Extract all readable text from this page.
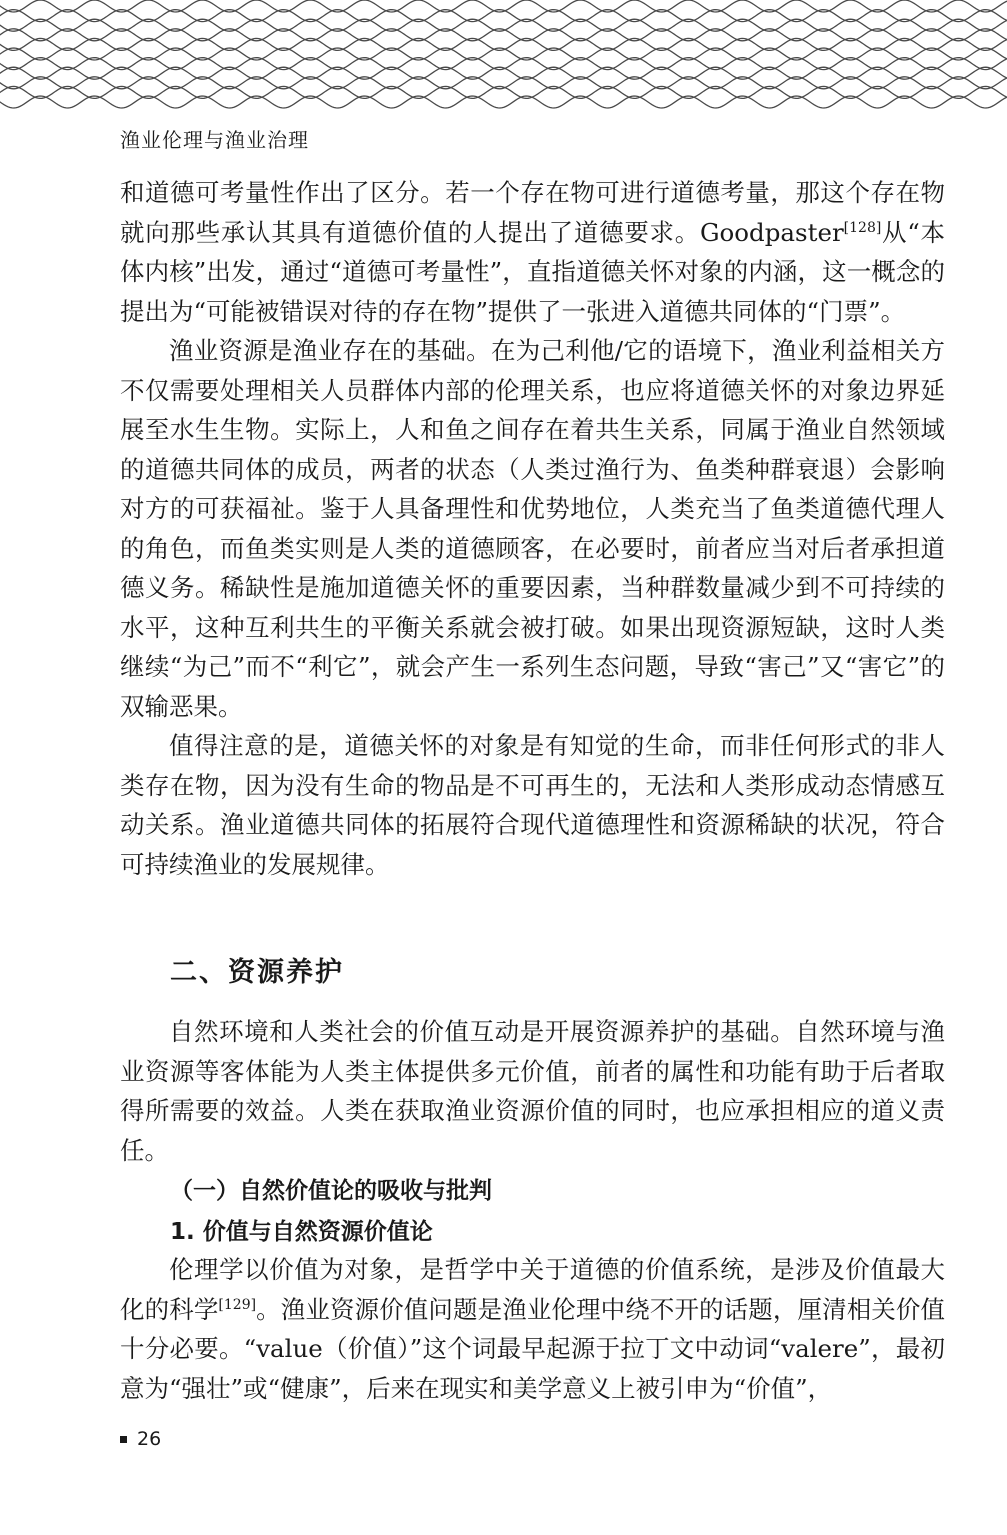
渔业伦理与渔业治理

和道德可考量性作出了区分。若一个存在物可进行道德考量，那这个存在物就向那些承认其具有道德价值的人提出了道德要求。Goodpaster[128]从“本体内核”出发，通过“道德可考量性”，直指道德关怀对象的内涵，这一概念的提出为“可能被错误对待的存在物”提供了一张进入道德共同体的“门票”。

渔业资源是渔业存在的基础。在为己利他/它的语境下，渔业利益相关方不仅需要处理相关人员群体内部的伦理关系，也应将道德关怀的对象边界延展至水生生物。实际上，人和鱼之间存在着共生关系，同属于渔业自然领域的道德共同体的成员，两者的状态（人类过渔行为、鱼类种群衰退）会影响对方的可获福祉。鉴于人具备理性和优势地位，人类充当了鱼类道德代理人的角色，而鱼类实则是人类的道德顾客，在必要时，前者应当对后者承担道德义务。稀缺性是施加道德关怀的重要因素，当种群数量减少到不可持续的水平，这种互利共生的平衡关系就会被打破。如果出现资源短缺，这时人类继续“为己”而不“利它”，就会产生一系列生态问题，导致“害己”又“害它”的双输恶果。

值得注意的是，道德关怀的对象是有知觉的生命，而非任何形式的非人类存在物，因为没有生命的物品是不可再生的，无法和人类形成动态情感互动关系。渔业道德共同体的拓展符合现代道德理性和资源稀缺的状况，符合可持续渔业的发展规律。

二、资源养护

自然环境和人类社会的价值互动是开展资源养护的基础。自然环境与渔业资源等客体能为人类主体提供多元价值，前者的属性和功能有助于后者取得所需要的效益。人类在获取渔业资源价值的同时，也应承担相应的道义责任。

（一）自然价值论的吸收与批判
1. 价值与自然资源价值论

伦理学以价值为对象，是哲学中关于道德的价值系统，是涉及价值最大化的科学[129]。渔业资源价值问题是渔业伦理中绕不开的话题，厘清相关价值十分必要。“value（价值）”这个词最早起源于拉丁文中动词“valere”，最初意为“强壮”或“健康”，后来在现实和美学意义上被引申为“价值”，

26
